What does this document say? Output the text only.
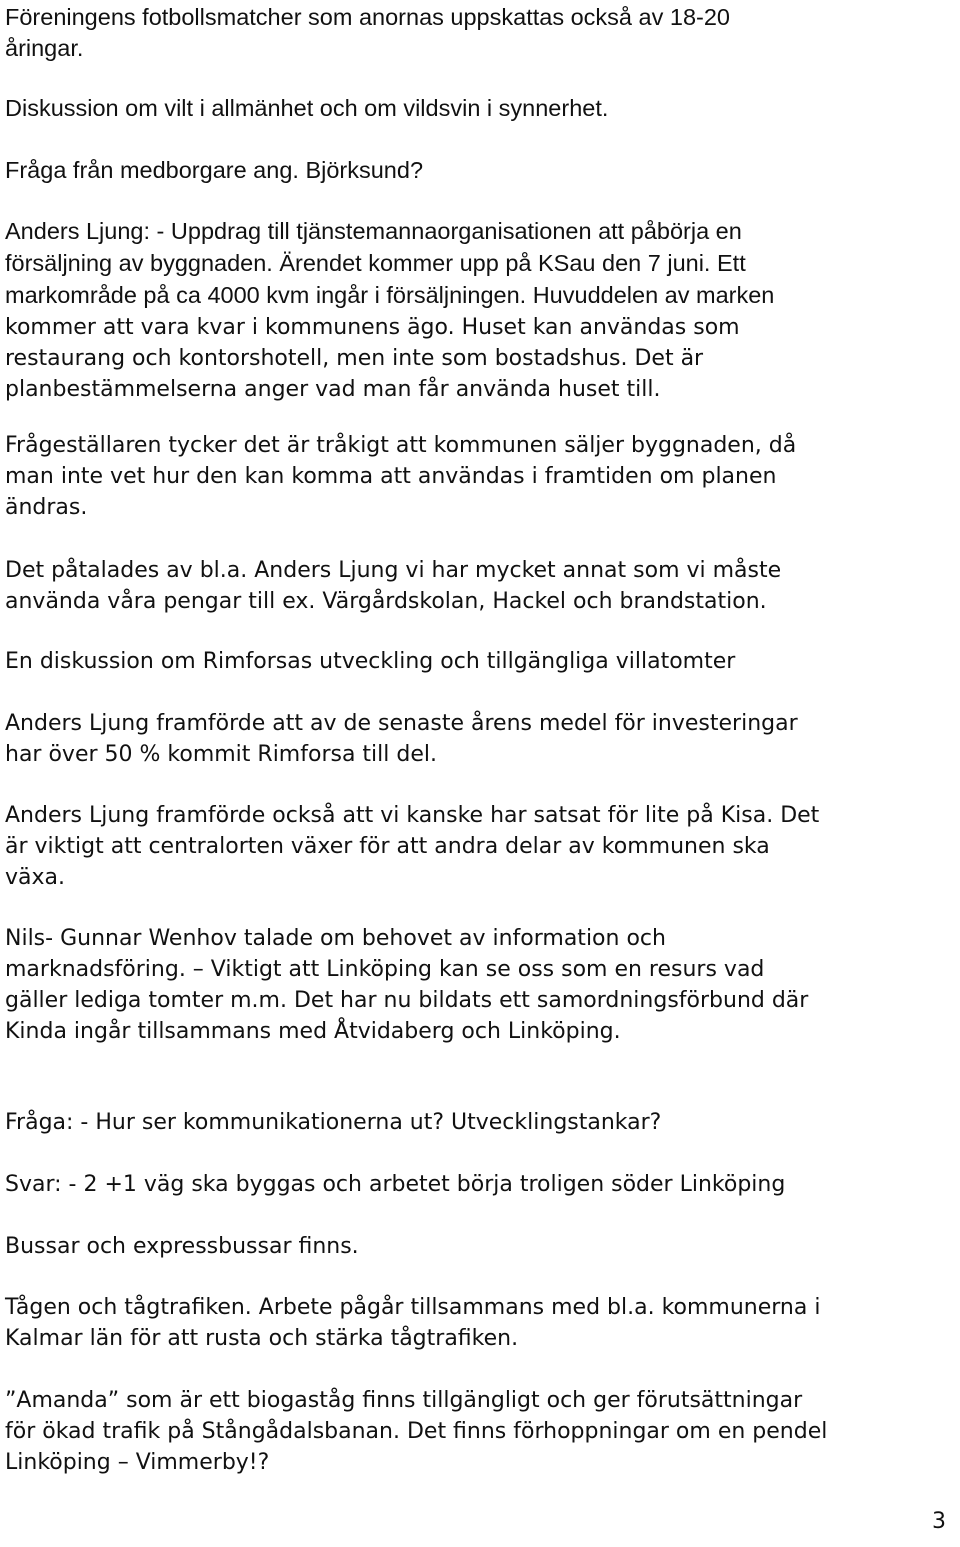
Föreningens fotbollsmatcher som anornas uppskattas också av 18-20
åringar.

Diskussion om vilt i allmänhet och om vildsvin i synnerhet.

Fråga från medborgare ang. Björksund?

Anders Ljung: - Uppdrag till tjänstemannaorganisationen att påbörja en
försäljning av byggnaden. Ärendet kommer upp på KSau den 7 juni. Ett
markområde på ca 4000 kvm ingår i försäljningen. Huvuddelen av marken
kommer att vara kvar i kommunens ägo. Huset kan användas som
restaurang och kontorshotell, men inte som bostadshus. Det är
planbestämmelserna anger vad man får använda huset till.

Frågeställaren tycker det är tråkigt att kommunen säljer byggnaden, då
man inte vet hur den kan komma att användas i framtiden om planen
ändras.

Det påtalades av bl.a. Anders Ljung vi har mycket annat som vi måste
använda våra pengar till ex. Värgårdskolan, Hackel och brandstation.

En diskussion om Rimforsas utveckling och tillgängliga villatomter

Anders Ljung framförde att av de senaste årens medel för investeringar
har över 50 % kommit Rimforsa till del.

Anders Ljung framförde också att vi kanske har satsat för lite på Kisa. Det
är viktigt att centralorten växer för att andra delar av kommunen ska
växa.

Nils- Gunnar Wenhov talade om behovet av information och
marknadsföring. – Viktigt att Linköping kan se oss som en resurs vad
gäller lediga tomter m.m. Det har nu bildats ett samordningsförbund där
Kinda ingår tillsammans med Åtvidaberg och Linköping.

Fråga: - Hur ser kommunikationerna ut? Utvecklingstankar?

Svar: - 2 +1 väg ska byggas och arbetet börja troligen söder Linköping

Bussar och expressbussar finns.

Tågen och tågtrafiken. Arbete pågår tillsammans med bl.a. kommunerna i
Kalmar län för att rusta och stärka tågtrafiken.

”Amanda” som är ett biogaståg finns tillgängligt och ger förutsättningar
för ökad trafik på Stångådalsbanan. Det finns förhoppningar om en pendel
Linköping – Vimmerby!?

3
